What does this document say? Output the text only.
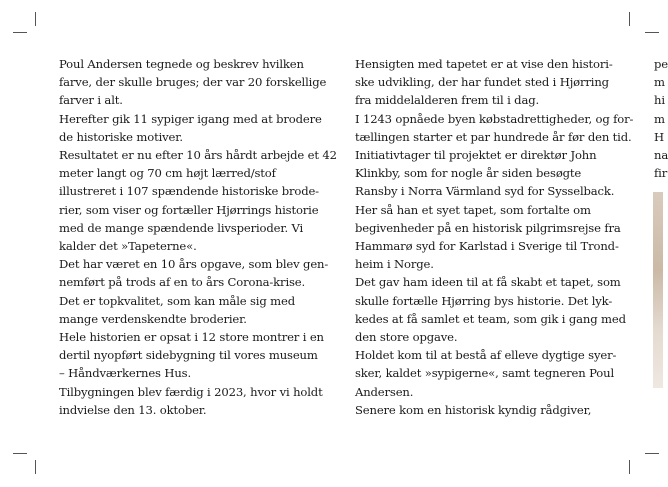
Poul Andersen tegnede og beskrev hvilken
farve, der skulle bruges; der var 20 forskellige
farver i alt.
Herefter gik 11 sypiger igang med at brodere
de historiske motiver.
Resultatet er nu efter 10 års hårdt arbejde et 42
meter langt og 70 cm højt lærred/stof
illustreret i 107 spændende historiske brode-
rier, som viser og fortæller Hjørrings historie
med de mange spændende livsperioder. Vi
kalder det »Tapeterne«.
Det har været en 10 års opgave, som blev gen-
nemført på trods af en to års Corona-krise.
Det er topkvalitet, som kan måle sig med
mange verdenskendte broderier.
Hele historien er opsat i 12 store montrer i en
dertil nyopført sidebygning til vores museum
– Håndværkernes Hus.
Tilbygningen blev færdig i 2023, hvor vi holdt
indvielse den 13. oktober.
Hensigten med tapetet er at vise den histori-
ske udvikling, der har fundet sted i Hjørring
fra middelalderen frem til i dag.
I 1243 opnåede byen købstadrettigheder, og for-
tællingen starter et par hundrede år før den tid.
Initiativtager til projektet er direktør John
Klinkby, som for nogle år siden besøgte
Ransby i Norra Värmland syd for Sysselback.
Her så han et syet tapet, som fortalte om
begivenheder på en historisk pilgrimsrejse fra
Hammarø syd for Karlstad i Sverige til Trond-
heim i Norge.
Det gav ham ideen til at få skabt et tapet, som
skulle fortælle Hjørring bys historie. Det lyk-
kedes at få samlet et team, som gik i gang med
den store opgave.
Holdet kom til at bestå af elleve dygtige syer-
sker, kaldet »sypigerne«, samt tegneren Poul
Andersen.
Senere kom en historisk kyndig rådgiver,
pe
m
hi
m
H
na
fir
